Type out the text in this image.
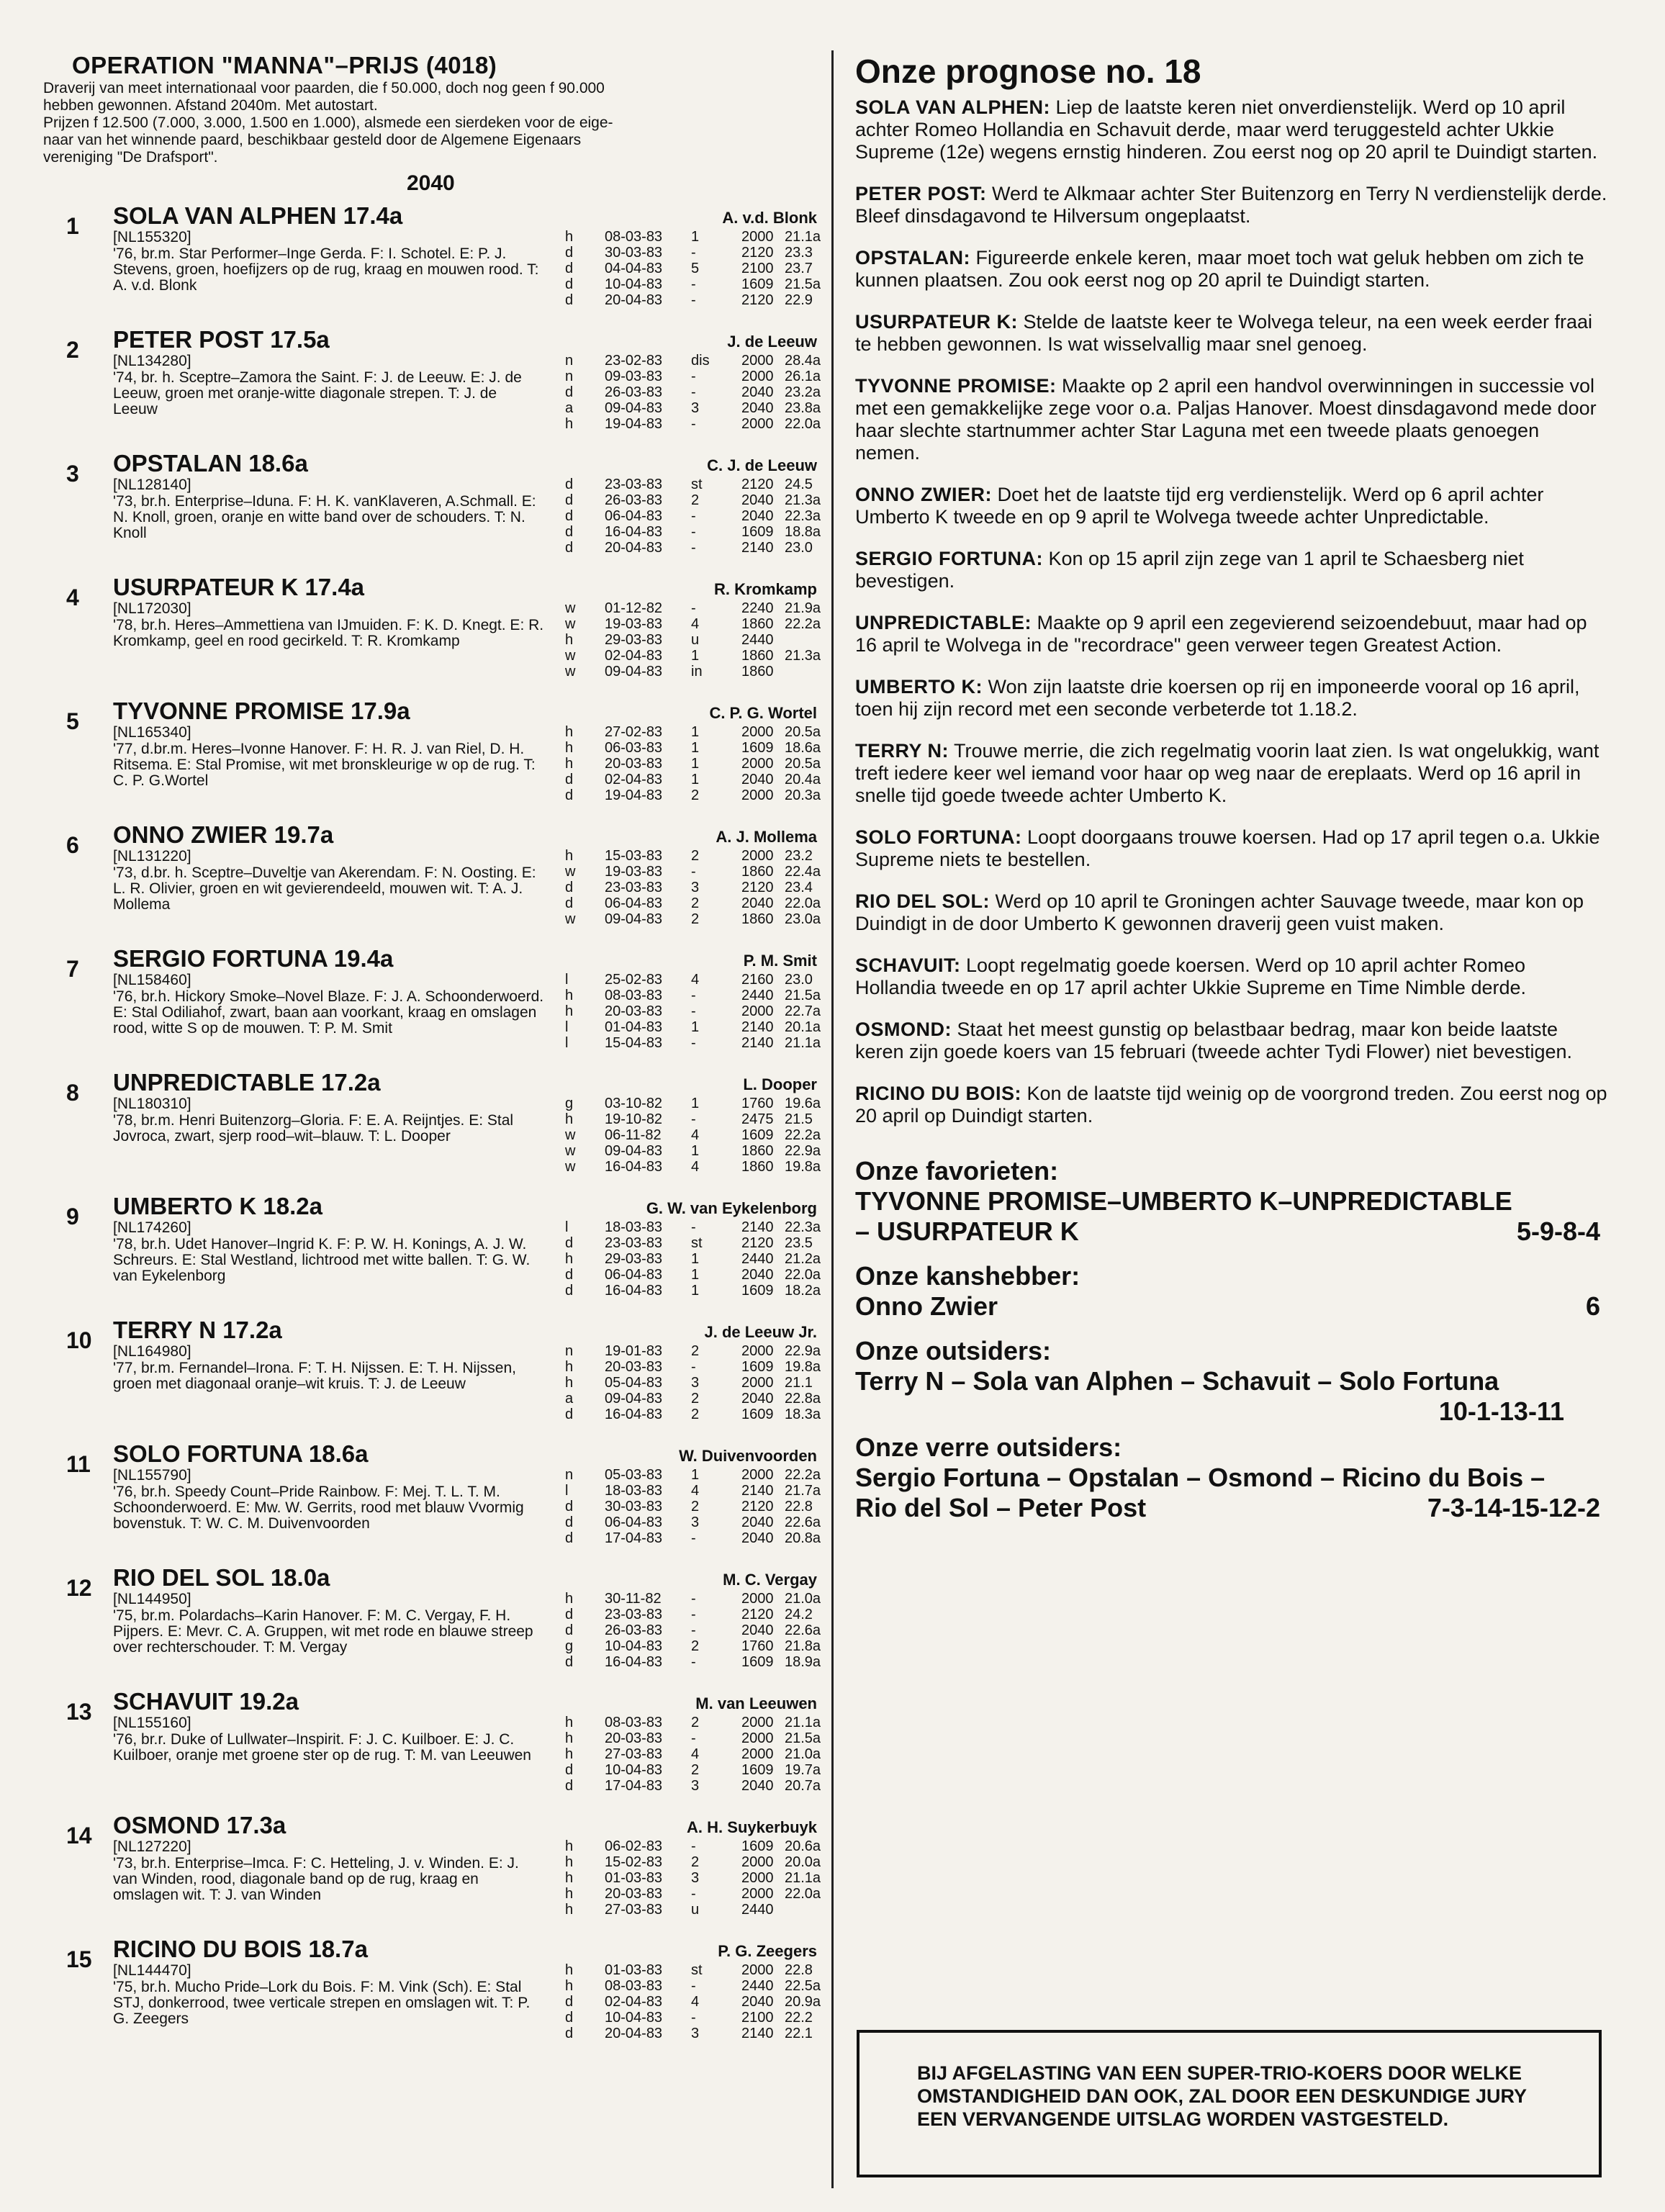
OPERATION "MANNA"–PRIJS (4018)
Draverij van meet internationaal voor paarden, die f 50.000, doch nog geen f 90.000
hebben gewonnen. Afstand 2040m. Met autostart.
Prijzen f 12.500 (7.000, 3.000, 1.500 en 1.000), alsmede een sierdeken voor de eige-
naar van het winnende paard, beschikbaar gesteld door de Algemene Eigenaars
vereniging "De Drafsport".
2040
1 SOLA VAN ALPHEN 17.4a	A. v.d. Blonk
[NL155320]
'76, br.m. Star Performer–Inge Gerda. F: I. Schotel. E: P. J. Stevens, groen, hoefijzers op de rug, kraag en mouwen rood. T: A. v.d. Blonk
h 08-03-83 1	2000 21.1a
d 30-03-83 -	2120 23.3
d 04-04-83 5	2100 23.7
d 10-04-83 -	1609 21.5a
d 20-04-83 -	2120 22.9
2 PETER POST 17.5a	J. de Leeuw
[NL134280]
'74, br. h. Sceptre–Zamora the Saint. F: J. de Leeuw. E: J. de Leeuw, groen met oranje-witte diagonale strepen. T: J. de Leeuw
n 23-02-83 dis 2000 28.4a
n 09-03-83 -	2000 26.1a
d 26-03-83 -	2040 23.2a
a 09-04-83 3	2040 23.8a
h 19-04-83 -	2000 22.0a
3 OPSTALAN 18.6a	C. J. de Leeuw
[NL128140]
'73, br.h. Enterprise–Iduna. F: H. K. vanKlaveren, A.Schmall. E: N. Knoll, groen, oranje en witte band over de schouders. T: N. Knoll
d 23-03-83 st	2120 24.5
d 26-03-83 2	2040 21.3a
d 06-04-83 -	2040 22.3a
d 16-04-83 -	1609 18.8a
d 20-04-83 -	2140 23.0
4 USURPATEUR K 17.4a	R. Kromkamp
[NL172030]
'78, br.h. Heres–Ammettiena van IJmuiden. F: K. D. Knegt. E: R. Kromkamp, geel en rood gecirkeld. T: R. Kromkamp
w 01-12-82 -	2240 21.9a
w 19-03-83 4	1860 22.2a
h 29-03-83 u	2440
w 02-04-83 1	1860 21.3a
w 09-04-83 in	1860
5 TYVONNE PROMISE 17.9a	C. P. G. Wortel
[NL165340]
'77, d.br.m. Heres–Ivonne Hanover. F: H. R. J. van Riel, D. H. Ritsema. E: Stal Promise, wit met bronskleurige w op de rug. T: C. P. G.Wortel
h 27-02-83 1	2000 20.5a
h 06-03-83 1	1609 18.6a
h 20-03-83 1	2000 20.5a
d 02-04-83 1	2040 20.4a
d 19-04-83 2	2000 20.3a
6 ONNO ZWIER 19.7a	A. J. Mollema
[NL131220]
'73, d.br. h. Sceptre–Duveltje van Akerendam. F: N. Oosting. E: L. R. Olivier, groen en wit gevierendeeld, mouwen wit. T: A. J. Mollema
h 15-03-83 2	2000 23.2
w 19-03-83 -	1860 22.4a
d 23-03-83 3	2120 23.4
d 06-04-83 2	2040 22.0a
w 09-04-83 2	1860 23.0a
7 SERGIO FORTUNA 19.4a	P. M. Smit
[NL158460]
'76, br.h. Hickory Smoke–Novel Blaze. F: J. A. Schoonderwoerd. E: Stal Odiliahof, zwart, baan aan voorkant, kraag en omslagen rood, witte S op de mouwen. T: P. M. Smit
l	25-02-83 4	2160 23.0
h 08-03-83 -	2440 21.5a
h 20-03-83 -	2000 22.7a
l	01-04-83 1	2140 20.1a
l	15-04-83 -	2140 21.1a
8 UNPREDICTABLE 17.2a	L. Dooper
[NL180310]
'78, br.m. Henri Buitenzorg–Gloria. F: E. A. Reijntjes. E: Stal Jovroca, zwart, sjerp rood–wit–blauw. T: L. Dooper
g 03-10-82 1	1760 19.6a
h 19-10-82 -	2475 21.5
w 06-11-82 4	1609 22.2a
w 09-04-83 1	1860 22.9a
w 16-04-83 4	1860 19.8a
9 UMBERTO K 18.2a	G. W. van Eykelenborg
[NL174260]
'78, br.h. Udet Hanover–Ingrid K. F: P. W. H. Konings, A. J. W. Schreurs. E: Stal Westland, lichtrood met witte ballen. T: G. W. van Eykelenborg
l	18-03-83 -	2140 22.3a
d 23-03-83 st	2120 23.5
h 29-03-83 1	2440 21.2a
d 06-04-83 1	2040 22.0a
d 16-04-83 1	1609 18.2a
10 TERRY N 17.2a	J. de Leeuw Jr.
[NL164980]
'77, br.m. Fernandel–Irona. F: T. H. Nijssen. E: T. H. Nijssen, groen met diagonaal oranje–wit kruis. T: J. de Leeuw
n 19-01-83 2	2000 22.9a
h 20-03-83 -	1609 19.8a
h 05-04-83 3	2000 21.1
a 09-04-83 2	2040 22.8a
d 16-04-83 2	1609 18.3a
11 SOLO FORTUNA 18.6a	W. Duivenvoorden
[NL155790]
'76, br.h. Speedy Count–Pride Rainbow. F: Mej. T. L. T. M. Schoonderwoerd. E: Mw. W. Gerrits, rood met blauw Vvormig bovenstuk. T: W. C. M. Duivenvoorden
n 05-03-83 1	2000 22.2a
l	18-03-83 4	2140 21.7a
d 30-03-83 2	2120 22.8
d 06-04-83 3	2040 22.6a
d 17-04-83 -	2040 20.8a
12 RIO DEL SOL 18.0a	M. C. Vergay
[NL144950]
'75, br.m. Polardachs–Karin Hanover. F: M. C. Vergay, F. H. Pijpers. E: Mevr. C. A. Gruppen, wit met rode en blauwe streep over rechterschouder. T: M. Vergay
h 30-11-82 -	2000 21.0a
d 23-03-83 -	2120 24.2
d 26-03-83 -	2040 22.6a
g 10-04-83 2	1760 21.8a
d 16-04-83 -	1609 18.9a
13 SCHAVUIT 19.2a	M. van Leeuwen
[NL155160]
'76, br.r. Duke of Lullwater–Inspirit. F: J. C. Kuilboer. E: J. C. Kuilboer, oranje met groene ster op de rug. T: M. van Leeuwen
h 08-03-83 2	2000 21.1a
h 20-03-83 -	2000 21.5a
h 27-03-83 4	2000 21.0a
d 10-04-83 2	1609 19.7a
d 17-04-83 3	2040 20.7a
14 OSMOND 17.3a	A. H. Suykerbuyk
[NL127220]
'73, br.h. Enterprise–Imca. F: C. Hetteling, J. v. Winden. E: J. van Winden, rood, diagonale band op de rug, kraag en omslagen wit. T: J. van Winden
h 06-02-83 -	1609 20.6a
h 15-02-83 2	2000 20.0a
h 01-03-83 3	2000 21.1a
h 20-03-83 -	2000 22.0a
h 27-03-83 u	2440
15 RICINO DU BOIS 18.7a	P. G. Zeegers
[NL144470]
'75, br.h. Mucho Pride–Lork du Bois. F: M. Vink (Sch). E: Stal STJ, donkerrood, twee verticale strepen en omslagen wit. T: P. G. Zeegers
h 01-03-83 st	2000 22.8
h 08-03-83 -	2440 22.5a
d 02-04-83 4	2040 20.9a
d 10-04-83 -	2100 22.2
d 20-04-83 3	2140 22.1
Onze prognose no. 18
SOLA VAN ALPHEN: Liep de laatste keren niet onverdienstelijk. Werd op 10 april achter Romeo Hollandia en Schavuit derde, maar werd teruggesteld achter Ukkie Supreme (12e) wegens ernstig hinderen. Zou eerst nog op 20 april te Duindigt starten.
PETER POST: Werd te Alkmaar achter Ster Buitenzorg en Terry N verdienstelijk derde. Bleef dinsdagavond te Hilversum ongeplaatst.
OPSTALAN: Figureerde enkele keren, maar moet toch wat geluk hebben om zich te kunnen plaatsen. Zou ook eerst nog op 20 april te Duindigt starten.
USURPATEUR K: Stelde de laatste keer te Wolvega teleur, na een week eerder fraai te hebben gewonnen. Is wat wisselvallig maar snel genoeg.
TYVONNE PROMISE: Maakte op 2 april een handvol overwinningen in successie vol met een gemakkelijke zege voor o.a. Paljas Hanover. Moest dinsdagavond mede door haar slechte startnummer achter Star Laguna met een tweede plaats genoegen nemen.
ONNO ZWIER: Doet het de laatste tijd erg verdienstelijk. Werd op 6 april achter Umberto K tweede en op 9 april te Wolvega tweede achter Unpredictable.
SERGIO FORTUNA: Kon op 15 april zijn zege van 1 april te Schaesberg niet bevestigen.
UNPREDICTABLE: Maakte op 9 april een zegevierend seizoendebuut, maar had op 16 april te Wolvega in de "recordrace" geen verweer tegen Greatest Action.
UMBERTO K: Won zijn laatste drie koersen op rij en imponeerde vooral op 16 april, toen hij zijn record met een seconde verbeterde tot 1.18.2.
TERRY N: Trouwe merrie, die zich regelmatig voorin laat zien. Is wat ongelukkig, want treft iedere keer wel iemand voor haar op weg naar de ereplaats. Werd op 16 april in snelle tijd goede tweede achter Umberto K.
SOLO FORTUNA: Loopt doorgaans trouwe koersen. Had op 17 april tegen o.a. Ukkie Supreme niets te bestellen.
RIO DEL SOL: Werd op 10 april te Groningen achter Sauvage tweede, maar kon op Duindigt in de door Umberto K gewonnen draverij geen vuist maken.
SCHAVUIT: Loopt regelmatig goede koersen. Werd op 10 april achter Romeo Hollandia tweede en op 17 april achter Ukkie Supreme en Time Nimble derde.
OSMOND: Staat het meest gunstig op belastbaar bedrag, maar kon beide laatste keren zijn goede koers van 15 februari (tweede achter Tydi Flower) niet bevestigen.
RICINO DU BOIS: Kon de laatste tijd weinig op de voorgrond treden. Zou eerst nog op 20 april op Duindigt starten.
Onze favorieten:
TYVONNE PROMISE–UMBERTO K–UNPREDICTABLE
– USURPATEUR K	5-9-8-4
Onze kanshebber:
Onno Zwier	6
Onze outsiders:
Terry N – Sola van Alphen – Schavuit – Solo Fortuna
10-1-13-11
Onze verre outsiders:
Sergio Fortuna – Opstalan – Osmond – Ricino du Bois –
Rio del Sol – Peter Post	7-3-14-15-12-2
BIJ AFGELASTING VAN EEN SUPER-TRIO-KOERS DOOR WELKE OMSTANDIGHEID DAN OOK, ZAL DOOR EEN DESKUNDIGE JURY EEN VERVANGENDE UITSLAG WORDEN VASTGESTELD.
